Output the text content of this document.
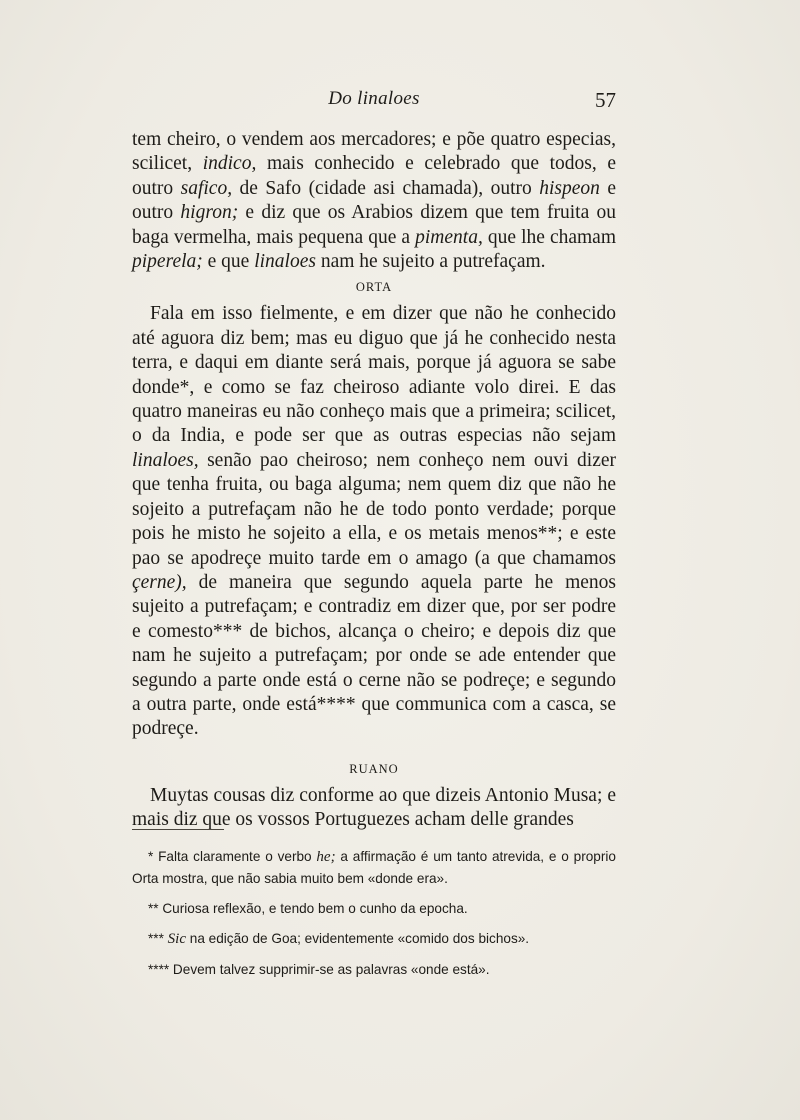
Do linaloes	57

tem cheiro, o vendem aos mercadores; e põe quatro especias, scilicet, indico, mais conhecido e celebrado que todos, e outro safico, de Safo (cidade asi chamada), outro hispeon e outro higron; e diz que os Arabios dizem que tem fruita ou baga vermelha, mais pequena que a pimenta, que lhe chamam piperela; e que linaloes nam he sujeito a putrefaçam.

ORTA

Fala em isso fielmente, e em dizer que não he conhecido até aguora diz bem; mas eu diguo que já he conhecido nesta terra, e daqui em diante será mais, porque já aguora se sabe donde*, e como se faz cheiroso adiante volo direi. E das quatro maneiras eu não conheço mais que a primeira; scilicet, o da India, e pode ser que as outras especias não sejam linaloes, senão pao cheiroso; nem conheço nem ouvi dizer que tenha fruita, ou baga alguma; nem quem diz que não he sojeito a putrefaçam não he de todo ponto verdade; porque pois he misto he sojeito a ella, e os metais menos**; e este pao se apodreçe muito tarde em o amago (a que chamamos çerne), de maneira que segundo aquela parte he menos sujeito a putrefaçam; e contradiz em dizer que, por ser podre e comesto*** de bichos, alcança o cheiro; e depois diz que nam he sujeito a putrefaçam; por onde se ade entender que segundo a parte onde está o cerne não se podreçe; e segundo a outra parte, onde está**** que communica com a casca, se podreçe.

RUANO

Muytas cousas diz conforme ao que dizeis Antonio Musa; e mais diz que os vossos Portuguezes acham delle grandes

* Falta claramente o verbo he; a affirmação é um tanto atrevida, e o proprio Orta mostra, que não sabia muito bem «donde era».

** Curiosa reflexão, e tendo bem o cunho da epocha.

*** Sic na edição de Goa; evidentemente «comido dos bichos».

**** Devem talvez supprimir-se as palavras «onde está».
